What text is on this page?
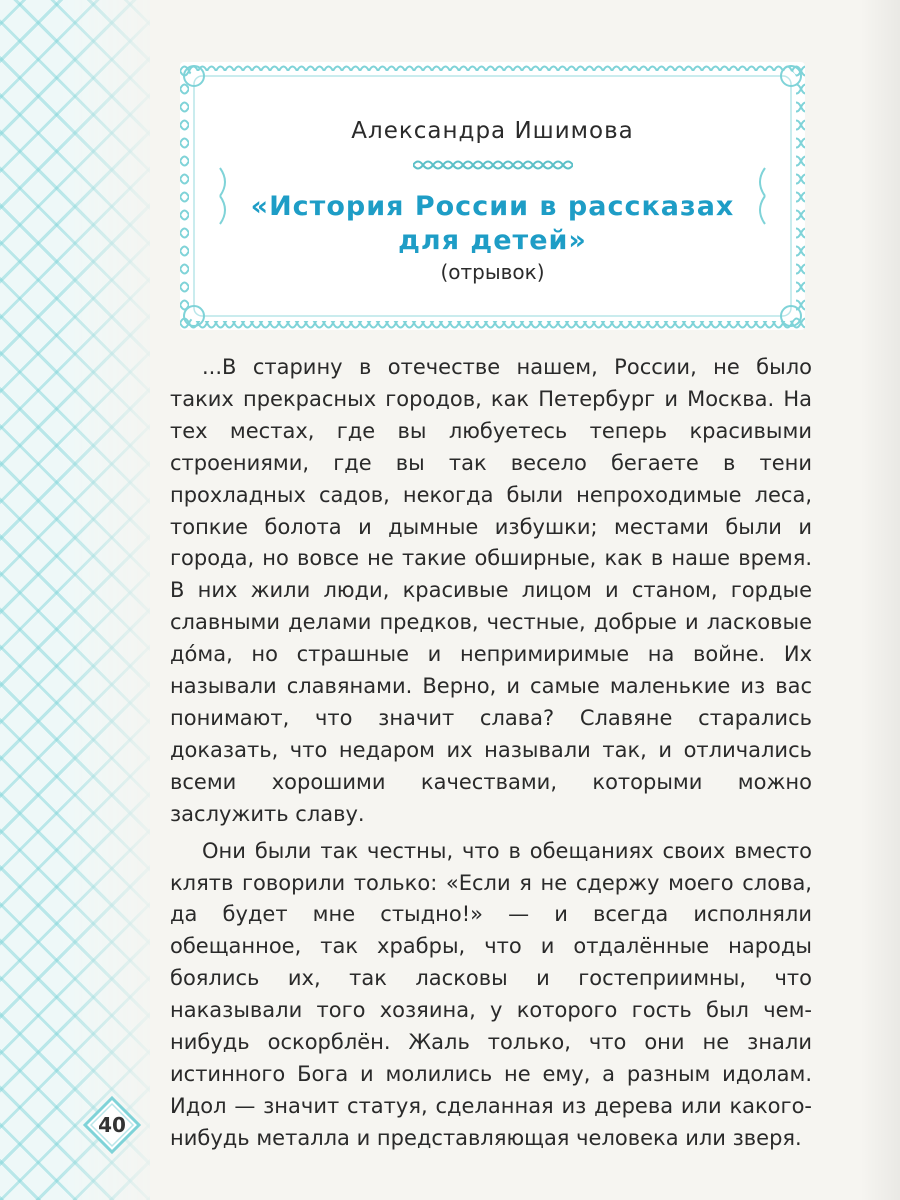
Александра Ишимова
«История России в рассказах
для детей»
(отрывок)

...В старину в отечестве нашем, России, не было таких прекрасных городов, как Петербург и Москва. На тех местах, где вы любуетесь теперь красивыми строениями, где вы так весело бегаете в тени прохладных садов, некогда были непроходимые леса, топкие болота и дымные избушки; местами были и города, но вовсе не такие обширные, как в наше время. В них жили люди, красивые лицом и станом, гордые славными делами предков, честные, добрые и ласковые до́ма, но страшные и непримиримые на войне. Их называли славянами. Верно, и самые маленькие из вас понимают, что значит слава? Славяне старались доказать, что недаром их называли так, и отличались всеми хорошими качествами, которыми можно заслужить славу.

Они были так честны, что в обещаниях своих вместо клятв говорили только: «Если я не сдержу моего слова, да будет мне стыдно!» — и всегда исполняли обещанное, так храбры, что и отдалённые народы боялись их, так ласковы и гостеприимны, что наказывали того хозяина, у которого гость был чем-нибудь оскорблён. Жаль только, что они не знали истинного Бога и молились не ему, а разным идолам. Идол — значит статуя, сделанная из дерева или какого-нибудь металла и представляющая человека или зверя.

40
